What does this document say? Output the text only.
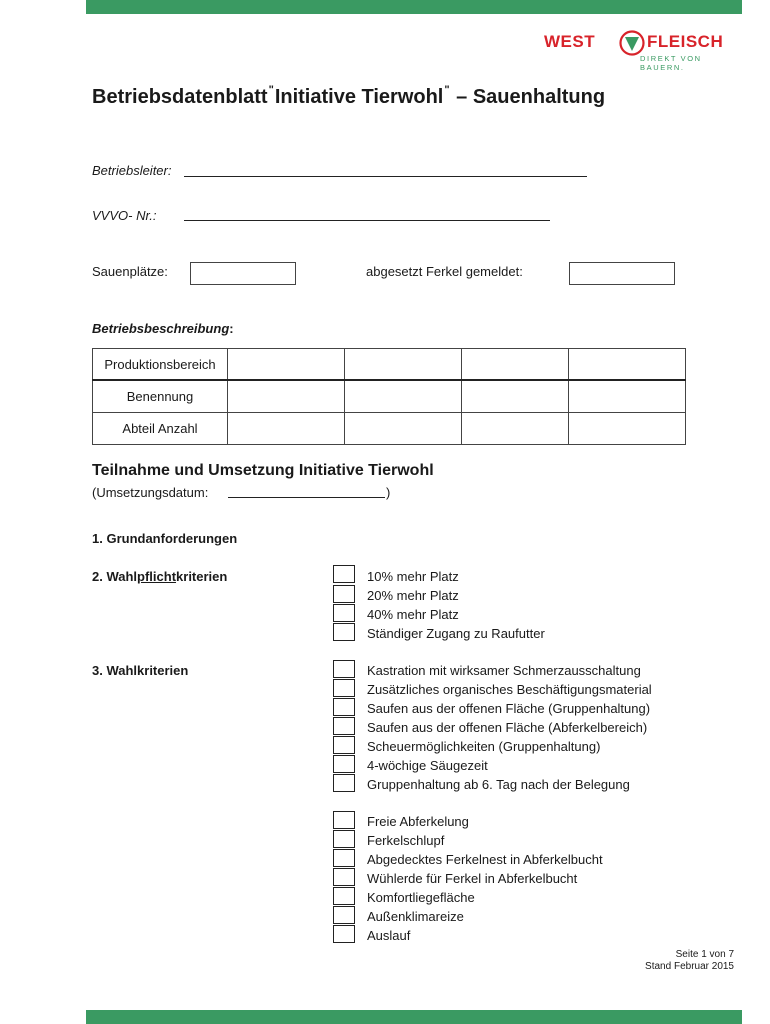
WEST	FLEISCH
DIREKT VON BAUERN.
Betriebsdatenblatt"Initiative Tierwohl" – Sauenhaltung
Betriebsleiter:
VVVO- Nr.:
Sauenplätze:	abgesetzt Ferkel gemeldet:
Betriebsbeschreibung:
Produktionsbereich				
Benennung				
Abteil Anzahl				
Teilnahme und Umsetzung Initiative Tierwohl
(Umsetzungsdatum:	)
1. Grundanforderungen
2. Wahlpflichtkriterien	10% mehr Platz
20% mehr Platz
40% mehr Platz
Ständiger Zugang zu Raufutter
3. Wahlkriterien	Kastration mit wirksamer Schmerzausschaltung
Zusätzliches organisches Beschäftigungsmaterial
Saufen aus der offenen Fläche (Gruppenhaltung)
Saufen aus der offenen Fläche (Abferkelbereich)
Scheuermöglichkeiten (Gruppenhaltung)
4-wöchige Säugezeit
Gruppenhaltung ab 6. Tag nach der Belegung
Freie Abferkelung
Ferkelschlupf
Abgedecktes Ferkelnest in Abferkelbucht
Wühlerde für Ferkel in Abferkelbucht
Komfortliegefläche
Außenklimareize
Auslauf
Seite 1 von 7
Stand Februar 2015
